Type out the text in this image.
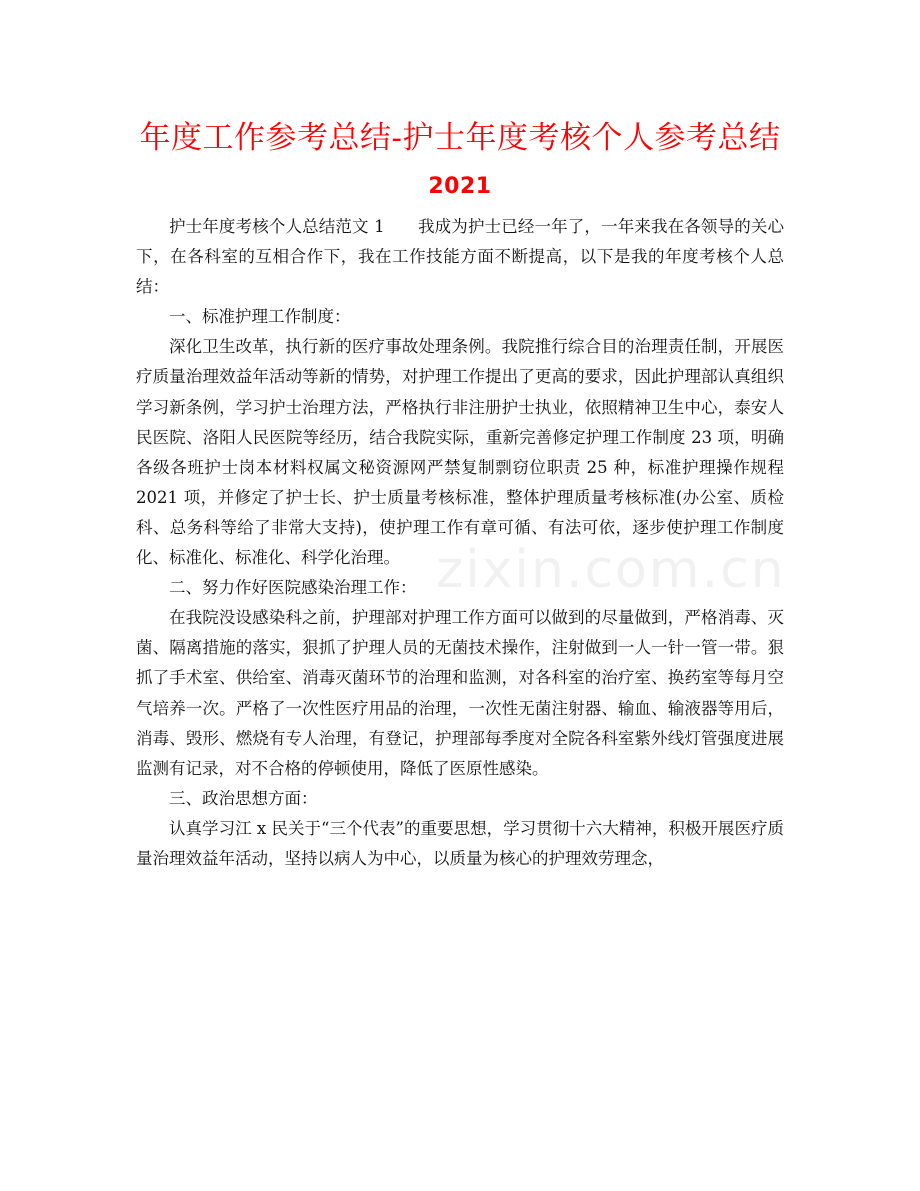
年度工作参考总结-护士年度考核个人参考总结
2021
zixin.com.cn

护士年度考核个人总结范文 1　　我成为护士已经一年了，一年来我在各领导的关心下，在各科室的互相合作下，我在工作技能方面不断提高，以下是我的年度考核个人总结：

一、标准护理工作制度：

深化卫生改革，执行新的医疗事故处理条例。我院推行综合目的治理责任制，开展医疗质量治理效益年活动等新的情势，对护理工作提出了更高的要求，因此护理部认真组织学习新条例，学习护士治理方法，严格执行非注册护士执业，依照精神卫生中心，泰安人民医院、洛阳人民医院等经历，结合我院实际，重新完善修定护理工作制度 23 项，明确各级各班护士岗本材料权属文秘资源网严禁复制剽窃位职责 25 种，标准护理操作规程 2021 项，并修定了护士长、护士质量考核标准，整体护理质量考核标准(办公室、质检科、总务科等给了非常大支持)，使护理工作有章可循、有法可依，逐步使护理工作制度化、标准化、标准化、科学化治理。

二、努力作好医院感染治理工作：

在我院没设感染科之前，护理部对护理工作方面可以做到的尽量做到，严格消毒、灭菌、隔离措施的落实，狠抓了护理人员的无菌技术操作，注射做到一人一针一管一带。狠抓了手术室、供给室、消毒灭菌环节的治理和监测，对各科室的治疗室、换药室等每月空气培养一次。严格了一次性医疗用品的治理，一次性无菌注射器、输血、输液器等用后，消毒、毁形、燃烧有专人治理，有登记，护理部每季度对全院各科室紫外线灯管强度进展监测有记录，对不合格的停顿使用，降低了医原性感染。

三、政治思想方面：

认真学习江 x 民关于“三个代表”的重要思想，学习贯彻十六大精神，积极开展医疗质量治理效益年活动，坚持以病人为中心，以质量为核心的护理效劳理念，
